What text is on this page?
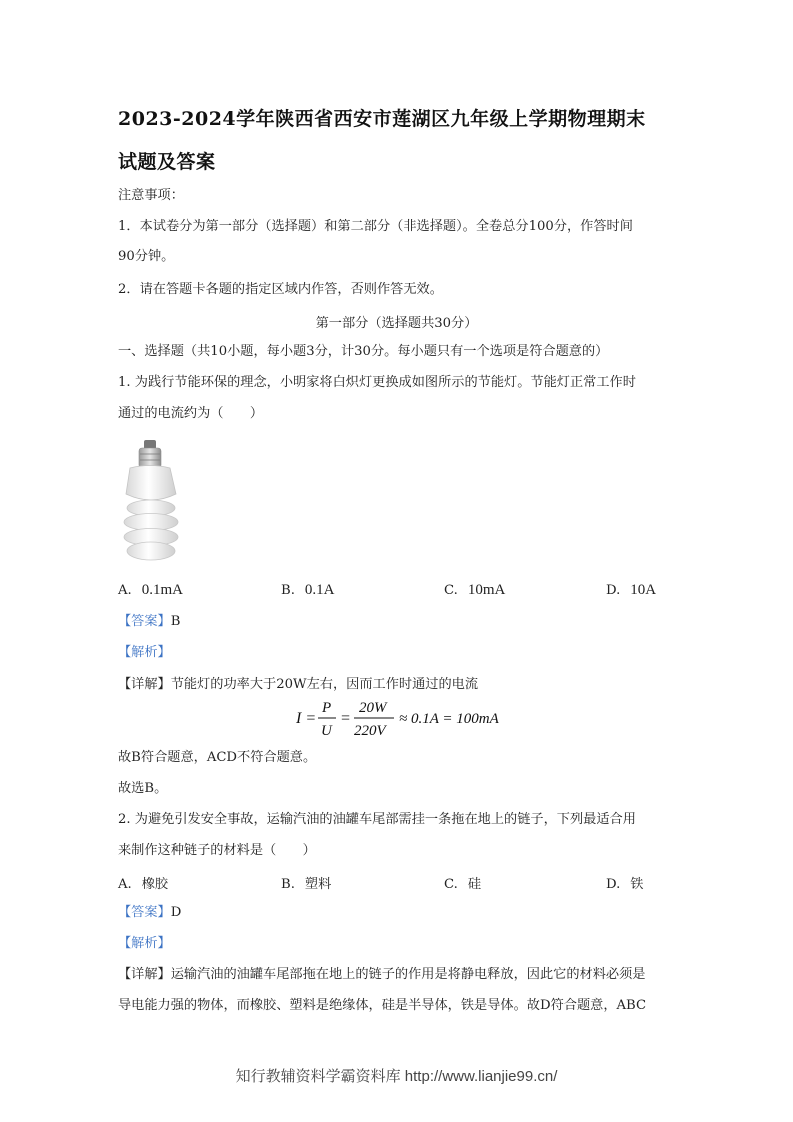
2023-2024学年陕西省西安市莲湖区九年级上学期物理期末
试题及答案
注意事项：
1．本试卷分为第一部分（选择题）和第二部分（非选择题）。全卷总分100分，作答时间
90分钟。
2．请在答题卡各题的指定区域内作答，否则作答无效。
第一部分（选择题共30分）
一、选择题（共10小题，每小题3分，计30分。每小题只有一个选项是符合题意的）
1. 为践行节能环保的理念，小明家将白炽灯更换成如图所示的节能灯。节能灯正常工作时
通过的电流约为（　　）
A. 0.1mA	B. 0.1A	C. 10mA	D. 10A
【答案】B
【解析】
【详解】节能灯的功率大于20W左右，因而工作时通过的电流
I =
P
U
=
20W
220V
≈ 0.1A = 100mA
故B符合题意，ACD不符合题意。
故选B。
2. 为避免引发安全事故，运输汽油的油罐车尾部需挂一条拖在地上的链子，下列最适合用
来制作这种链子的材料是（　　）
A. 橡胶	B. 塑料	C. 硅	D. 铁
【答案】D
【解析】
【详解】运输汽油的油罐车尾部拖在地上的链子的作用是将静电释放，因此它的材料必须是
导电能力强的物体，而橡胶、塑料是绝缘体，硅是半导体，铁是导体。故D符合题意，ABC
知行教辅资料学霸资料库 http://www.lianjie99.cn/
